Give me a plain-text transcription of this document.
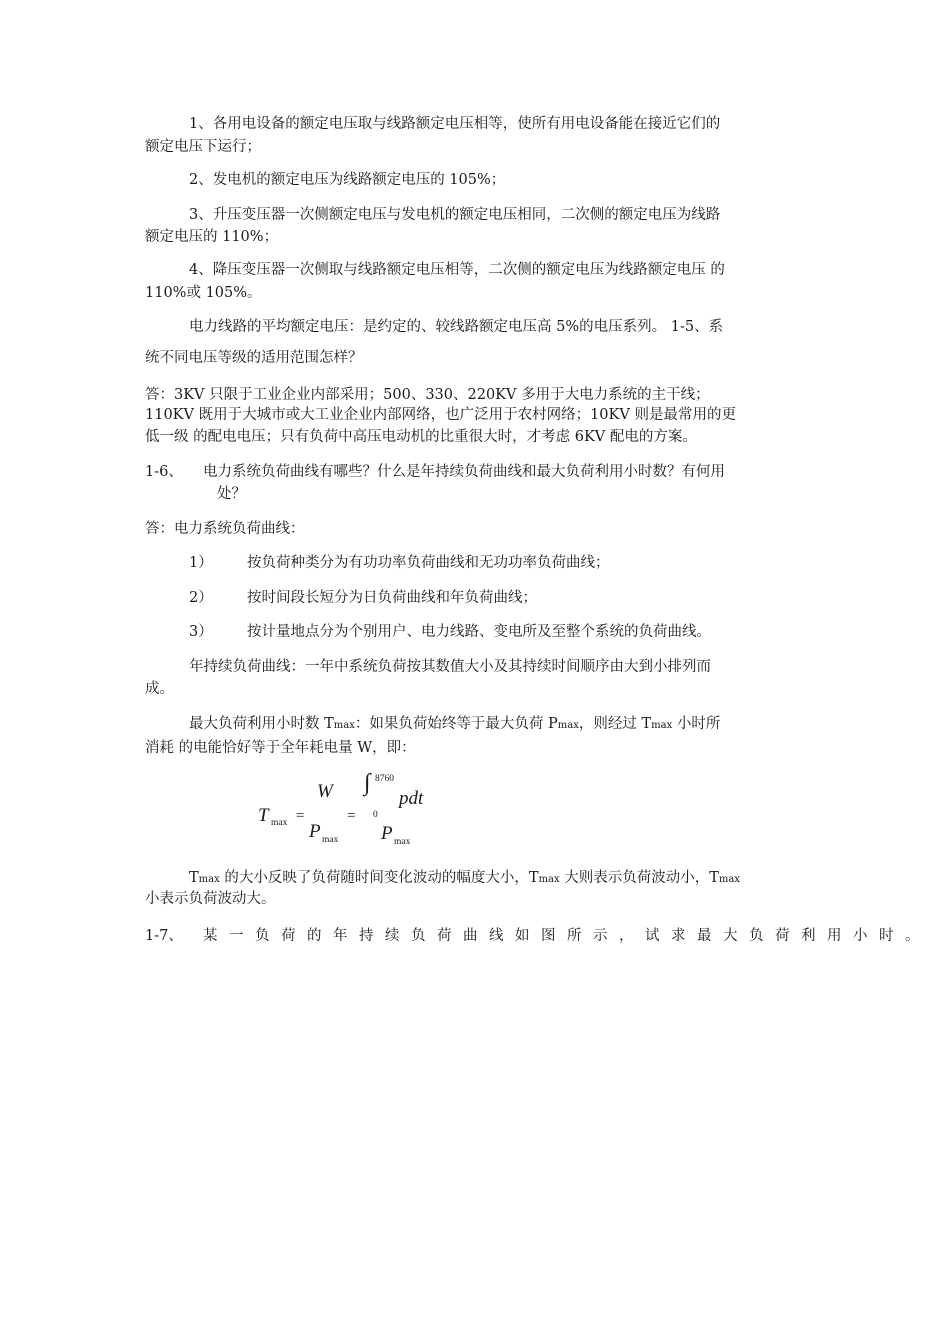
1、各用电设备的额定电压取与线路额定电压相等，使所有用电设备能在接近它们的
额定电压下运行；
2、发电机的额定电压为线路额定电压的 105%；
3、升压变压器一次侧额定电压与发电机的额定电压相同，二次侧的额定电压为线路
额定电压的 110%；
4、降压变压器一次侧取与线路额定电压相等，二次侧的额定电压为线路额定电压 的
110%或 105%。
电力线路的平均额定电压：是约定的、较线路额定电压高 5%的电压系列。 1-5、系
统不同电压等级的适用范围怎样？
答：3KV 只限于工业企业内部采用；500、330、220KV 多用于大电力系统的主干线；
110KV 既用于大城市或大工业企业内部网络，也广泛用于农村网络；10KV 则是最常用的更
低一级 的配电电压；只有负荷中高压电动机的比重很大时，才考虑 6KV 配电的方案。
1-6、 电力系统负荷曲线有哪些？什么是年持续负荷曲线和最大负荷利用小时数？有何用
处？
答：电力系统负荷曲线：
1） 按负荷种类分为有功功率负荷曲线和无功功率负荷曲线；
2） 按时间段长短分为日负荷曲线和年负荷曲线；
3） 按计量地点分为个别用户、电力线路、变电所及至整个系统的负荷曲线。
年持续负荷曲线：一年中系统负荷按其数值大小及其持续时间顺序由大到小排列而
成。
最大负荷利用小时数 Tmax：如果负荷始终等于最大负荷 Pmax，则经过 Tmax 小时所
消耗 的电能恰好等于全年耗电量 W，即：
T max =
W
P max
=
∫ 8760
0
pdt
P max
Tmax 的大小反映了负荷随时间变化波动的幅度大小，Tmax 大则表示负荷波动小，Tmax
小表示负荷波动大。
1-7、 某一负荷的年持续负荷曲线如图所示，试求最大负荷利用小时。
